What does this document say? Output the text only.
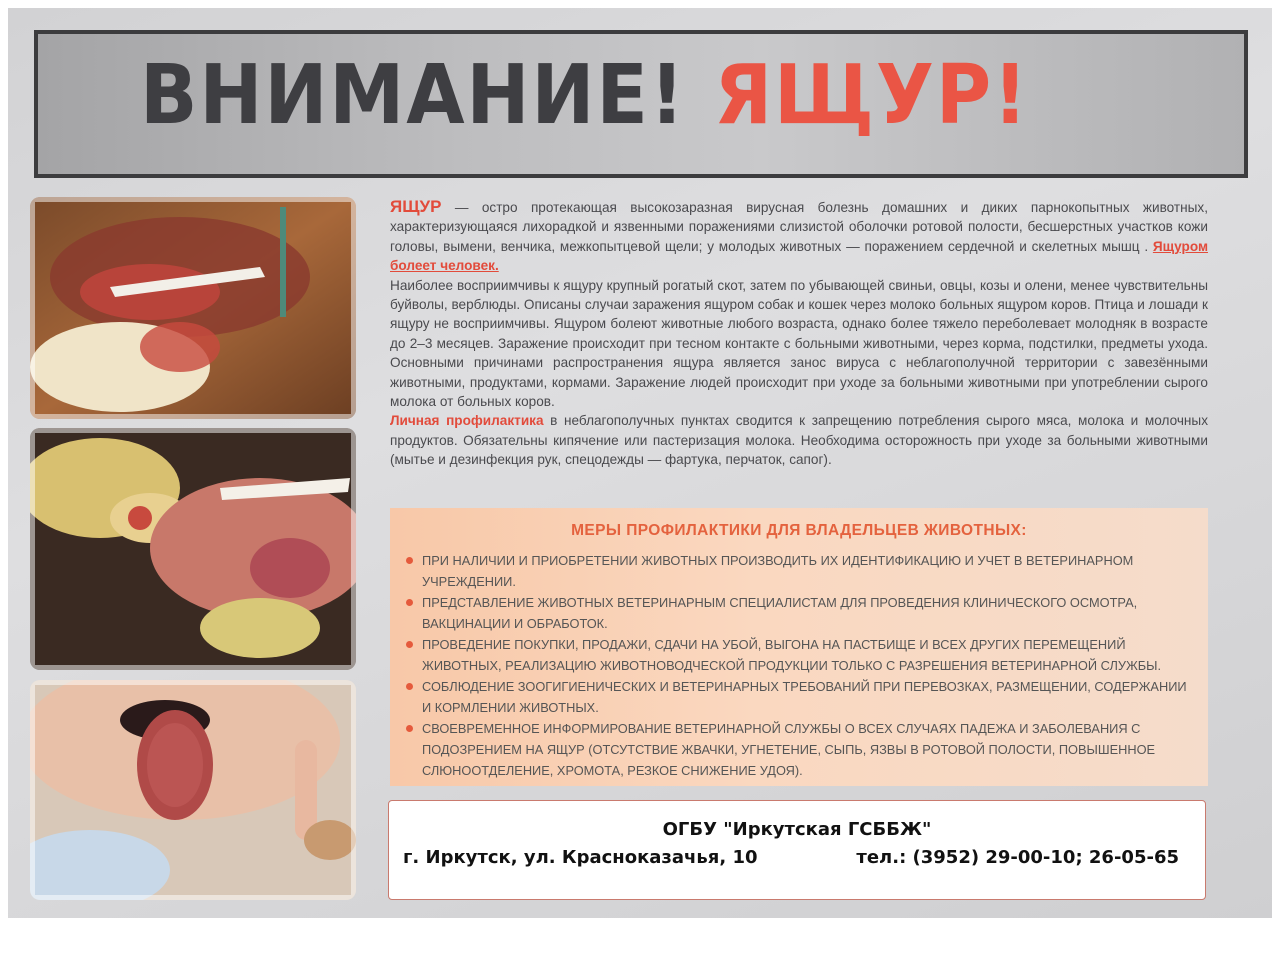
ВНИМАНИЕ! ЯЩУР!

ЯЩУР — остро протекающая высокозаразная вирусная болезнь домашних и диких парнокопытных животных, характеризующаяся лихорадкой и язвенными поражениями слизистой оболочки ротовой полости, бесшерстных участков кожи головы, вымени, венчика, межкопытцевой щели; у молодых животных — поражением сердечной и скелетных мышц . Ящуром болеет человек.

Наиболее восприимчивы к ящуру крупный рогатый скот, затем по убывающей свиньи, овцы, козы и олени, менее чувствительны буйволы, верблюды. Описаны случаи заражения ящуром собак и кошек через молоко больных ящуром коров. Птица и лошади к ящуру не восприимчивы. Ящуром болеют животные любого возраста, однако более тяжело переболевает молодняк в возрасте до 2–3 месяцев. Заражение происходит при тесном контакте с больными животными, через корма, подстилки, предметы ухода. Основными причинами распространения ящура является занос вируса с неблагополучной территории с завезёнными животными, продуктами, кормами. Заражение людей происходит при уходе за больными животными при употреблении сырого молока от больных коров.

Личная профилактика в неблагополучных пунктах сводится к запрещению потребления сырого мяса, молока и молочных продуктов. Обязательны кипячение или пастеризация молока. Необходима осторожность при уходе за больными животными (мытье и дезинфекция рук, спецодежды — фартука, перчаток, сапог).

МЕРЫ ПРОФИЛАКТИКИ ДЛЯ ВЛАДЕЛЬЦЕВ ЖИВОТНЫХ:
ПРИ НАЛИЧИИ И ПРИОБРЕТЕНИИ ЖИВОТНЫХ ПРОИЗВОДИТЬ ИХ ИДЕНТИФИКАЦИЮ И УЧЕТ В ВЕТЕРИНАРНОМ УЧРЕЖДЕНИИ.
ПРЕДСТАВЛЕНИЕ ЖИВОТНЫХ ВЕТЕРИНАРНЫМ СПЕЦИАЛИСТАМ ДЛЯ ПРОВЕДЕНИЯ КЛИНИЧЕСКОГО ОСМОТРА, ВАКЦИНАЦИИ И ОБРАБОТОК.
ПРОВЕДЕНИЕ ПОКУПКИ, ПРОДАЖИ, СДАЧИ НА УБОЙ, ВЫГОНА НА ПАСТБИЩЕ И ВСЕХ ДРУГИХ ПЕРЕМЕЩЕНИЙ ЖИВОТНЫХ, РЕАЛИЗАЦИЮ ЖИВОТНОВОДЧЕСКОЙ ПРОДУКЦИИ ТОЛЬКО С РАЗРЕШЕНИЯ ВЕТЕРИНАРНОЙ СЛУЖБЫ.
СОБЛЮДЕНИЕ ЗООГИГИЕНИЧЕСКИХ И ВЕТЕРИНАРНЫХ ТРЕБОВАНИЙ ПРИ ПЕРЕВОЗКАХ, РАЗМЕЩЕНИИ, СОДЕРЖАНИИ И КОРМЛЕНИИ ЖИВОТНЫХ.
СВОЕВРЕМЕННОЕ ИНФОРМИРОВАНИЕ ВЕТЕРИНАРНОЙ СЛУЖБЫ О ВСЕХ СЛУЧАЯХ ПАДЕЖА И ЗАБОЛЕВАНИЯ С ПОДОЗРЕНИЕМ НА ЯЩУР (ОТСУТСТВИЕ ЖВАЧКИ, УГНЕТЕНИЕ, СЫПЬ, ЯЗВЫ В РОТОВОЙ ПОЛОСТИ, ПОВЫШЕННОЕ СЛЮНООТДЕЛЕНИЕ, ХРОМОТА, РЕЗКОЕ СНИЖЕНИЕ УДОЯ).
ОГБУ "Иркутская ГСББЖ"
г. Иркутск, ул. Красноказачья, 10	тел.: (3952) 29-00-10; 26-05-65
